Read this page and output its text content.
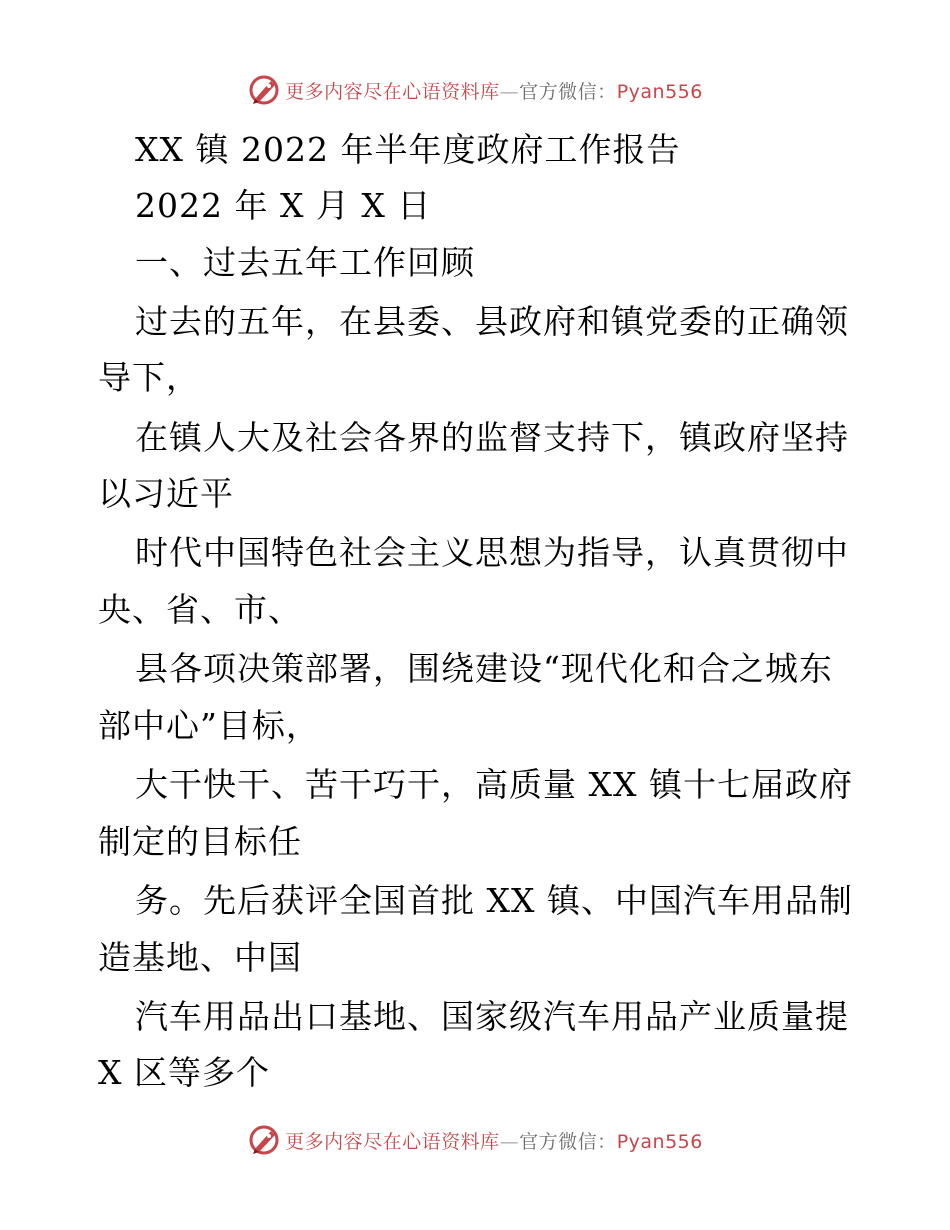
更多内容尽在心语资料库—官方微信：Pyan556
XX 镇 2022 年半年度政府工作报告
2022 年 X 月 X 日
一、过去五年工作回顾
过去的五年，在县委、县政府和镇党委的正确领
导下，
在镇人大及社会各界的监督支持下，镇政府坚持
以习近平
时代中国特色社会主义思想为指导，认真贯彻中
央、省、市、
县各项决策部署，围绕建设“现代化和合之城东
部中心”目标，
大干快干、苦干巧干，高质量 XX 镇十七届政府
制定的目标任
务。先后获评全国首批 XX 镇、中国汽车用品制
造基地、中国
汽车用品出口基地、国家级汽车用品产业质量提
X 区等多个
更多内容尽在心语资料库—官方微信：Pyan556
